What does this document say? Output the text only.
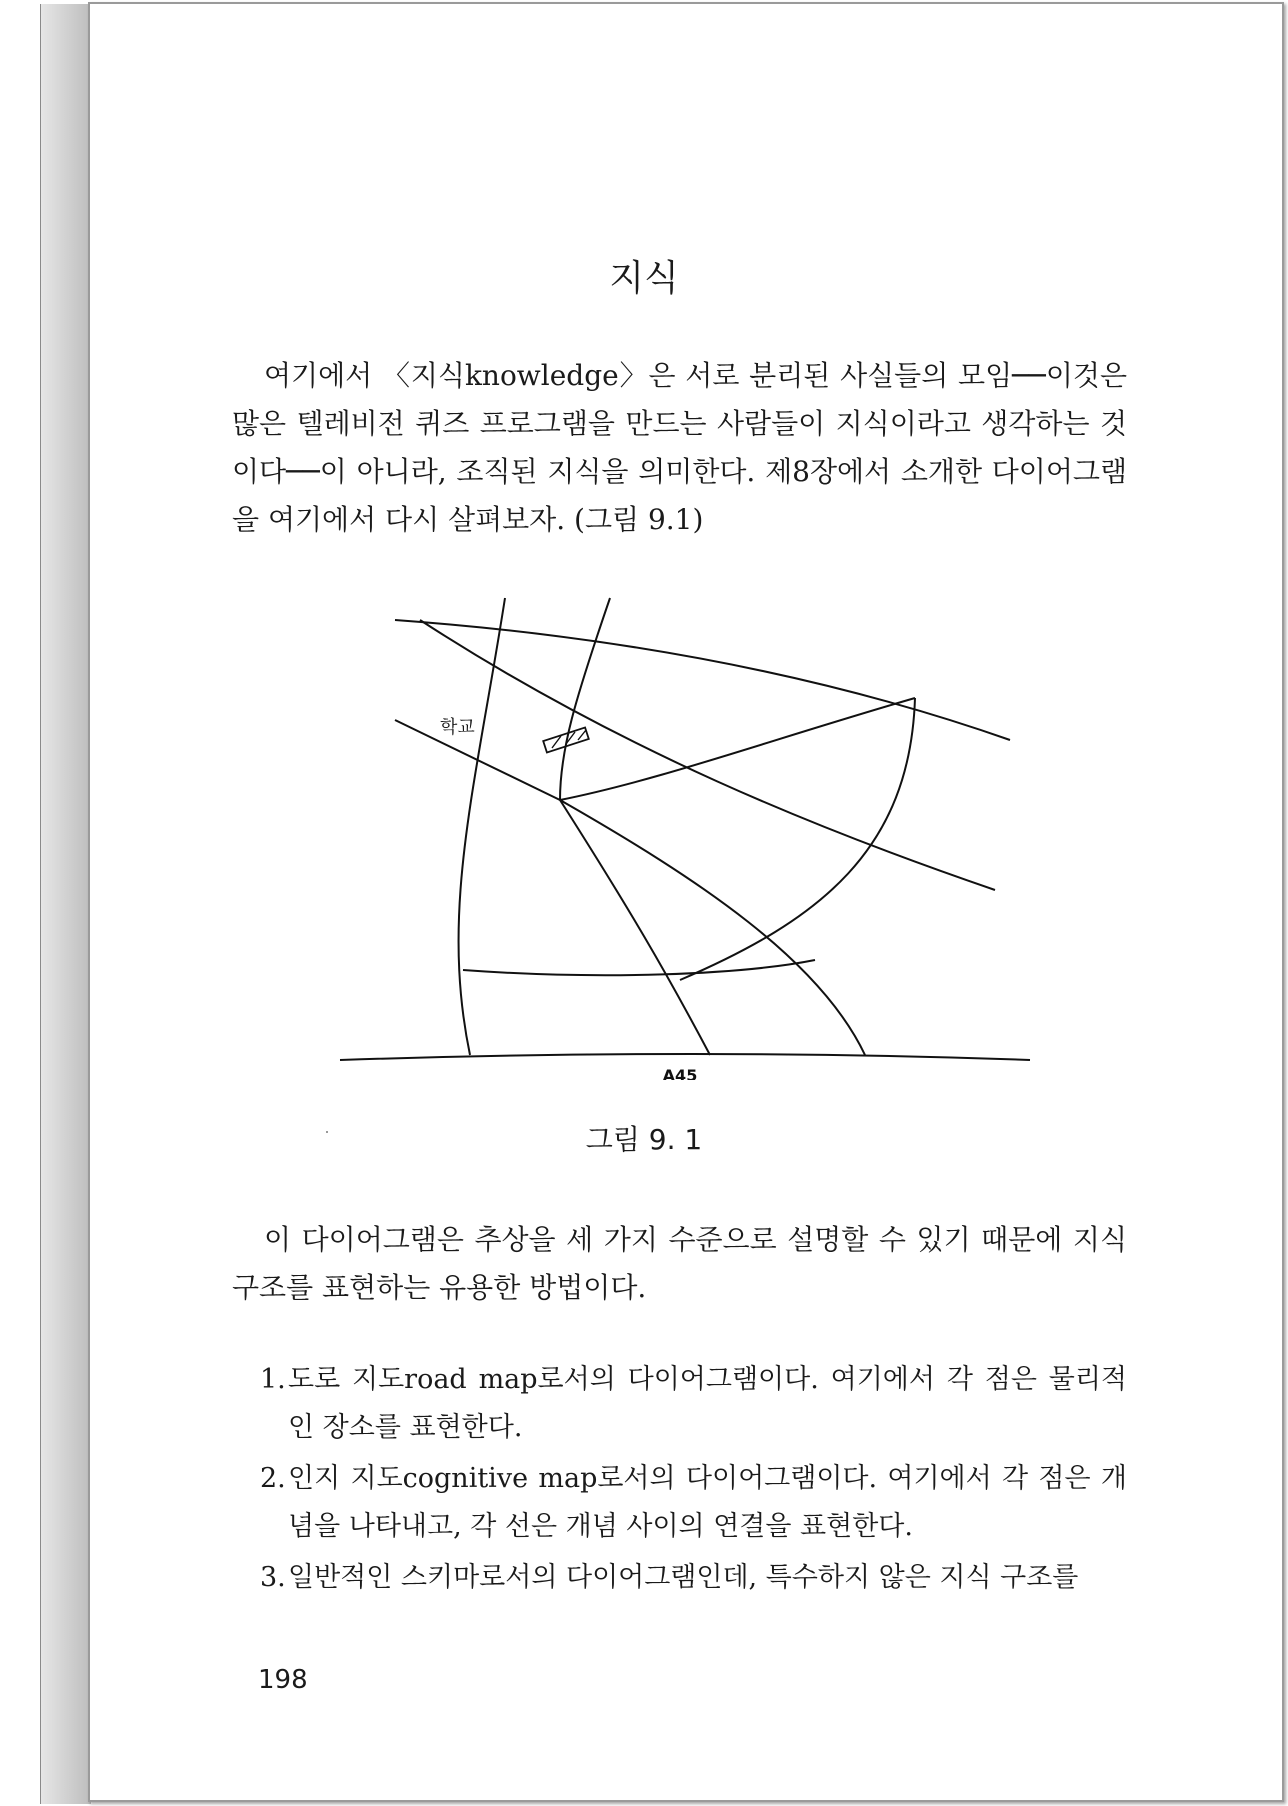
지식

여기에서 〈지식knowledge〉은 서로 분리된 사실들의 모임──이것은 많은 텔레비전 퀴즈 프로그램을 만드는 사람들이 지식이라고 생각하는 것이다──이 아니라, 조직된 지식을 의미한다. 제8장에서 소개한 다이어그램을 여기에서 다시 살펴보자. (그림 9.1)

학교
A45
그림 9. 1

이 다이어그램은 추상을 세 가지 수준으로 설명할 수 있기 때문에 지식 구조를 표현하는 유용한 방법이다.

1. 도로 지도road map로서의 다이어그램이다. 여기에서 각 점은 물리적인 장소를 표현한다.
2. 인지 지도cognitive map로서의 다이어그램이다. 여기에서 각 점은 개념을 나타내고, 각 선은 개념 사이의 연결을 표현한다.
3. 일반적인 스키마로서의 다이어그램인데, 특수하지 않은 지식 구조를
198
